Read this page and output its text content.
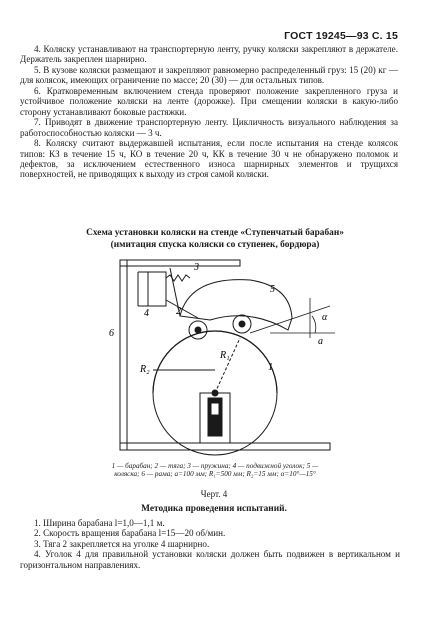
ГОСТ 19245—93 С. 15

4. Коляску устанавливают на транспортерную ленту, ручку коляски закрепляют в держателе. Держатель закреплен шарнирно.

5. В кузове коляски размещают и закрепляют равномерно распределенный груз: 15 (20) кг — для колясок, имеющих ограничение по массе; 20 (30) — для остальных типов.

6. Кратковременным включением стенда проверяют положение закрепленного груза и устойчивое положение коляски на ленте (дорожке). При смещении коляски в какую-либо сторону устанавливают боковые растяжки.

7. Приводят в движение транспортерную ленту. Цикличность визуального наблюдения за работоспособностью коляски — 3 ч.

8. Коляску считают выдержавшей испытания, если после испытания на стенде колясок типов: КЗ в течение 15 ч, КО в течение 20 ч, КК в течение 30 ч не обнаружено поломок и дефектов, за исключением естественного износа шарнирных элементов и трущихся поверхностей, не приводящих к выходу из строя самой коляски.

Схема установки коляски на стенде «Ступенчатый барабан» (имитация спуска коляски со ступенек, бордюра)
3
2
4
5
6
1
R₁
R₂
a
α
1 — барабан; 2 — тяга; 3 — пружина; 4 — подвижной уголок; 5 — коляска; 6 — рама; a=100 мм; R₁=500 мм; R₂=15 мм; α=10°—15°
Черт. 4
Методика проведения испытаний.

1. Ширина барабана l=1,0—1,1 м.

2. Скорость вращения барабана l=15—20 об/мин.

3. Тяга 2 закрепляется на уголке 4 шарнирно.

4. Уголок 4 для правильной установки коляски должен быть подвижен в вертикальном и горизонтальном направлениях.
